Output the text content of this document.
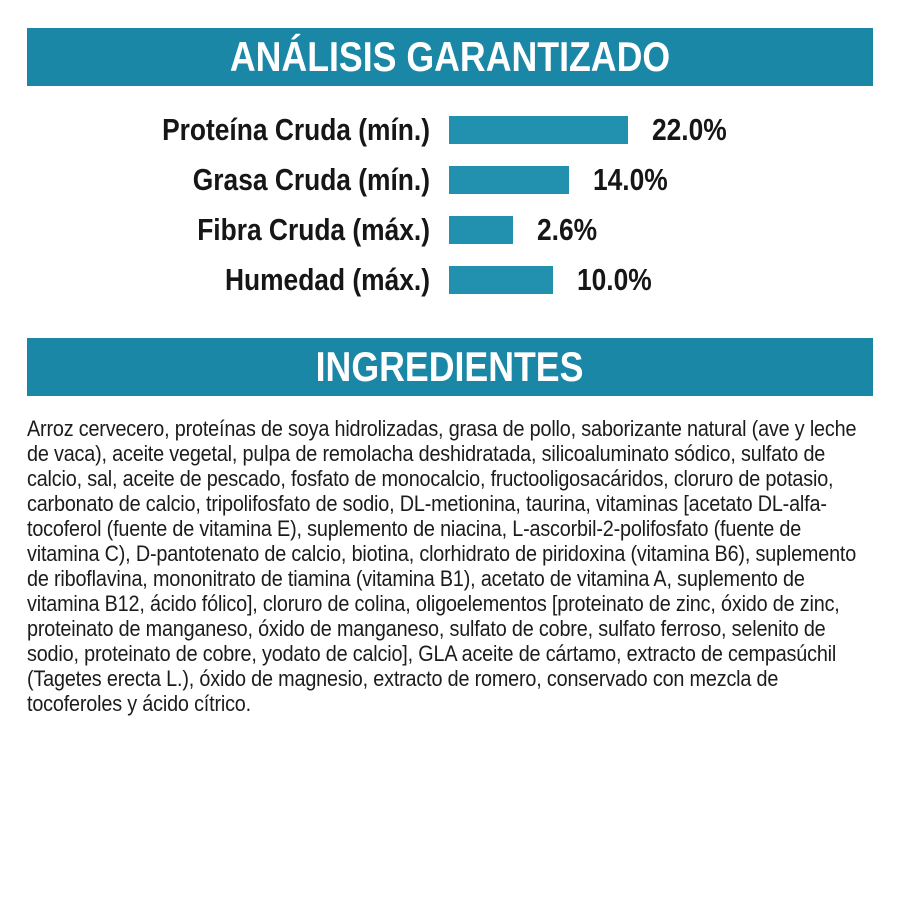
ANÁLISIS GARANTIZADO
Proteína Cruda (mín.)	22.0%
Grasa Cruda (mín.)	14.0%
Fibra Cruda (máx.)	2.6%
Humedad (máx.)	10.0%
INGREDIENTES
Arroz cervecero, proteínas de soya hidrolizadas, grasa de pollo, saborizante natural (ave y leche de vaca), aceite vegetal, pulpa de remolacha deshidratada, silicoaluminato sódico, sulfato de calcio, sal, aceite de pescado, fosfato de monocalcio, fructooligosacáridos, cloruro de potasio, carbonato de calcio, tripolifosfato de sodio, DL-metionina, taurina, vitaminas [acetato DL-alfa-tocoferol (fuente de vitamina E), suplemento de niacina, L-ascorbil-2-polifosfato (fuente de vitamina C), D-pantotenato de calcio, biotina, clorhidrato de piridoxina (vitamina B6), suplemento de riboflavina, mononitrato de tiamina (vitamina B1), acetato de vitamina A, suplemento de vitamina B12, ácido fólico], cloruro de colina, oligoelementos [proteinato de zinc, óxido de zinc, proteinato de manganeso, óxido de manganeso, sulfato de cobre, sulfato ferroso, selenito de sodio, proteinato de cobre, yodato de calcio], GLA aceite de cártamo, extracto de cempasúchil (Tagetes erecta L.), óxido de magnesio, extracto de romero, conservado con mezcla de tocoferoles y ácido cítrico.
